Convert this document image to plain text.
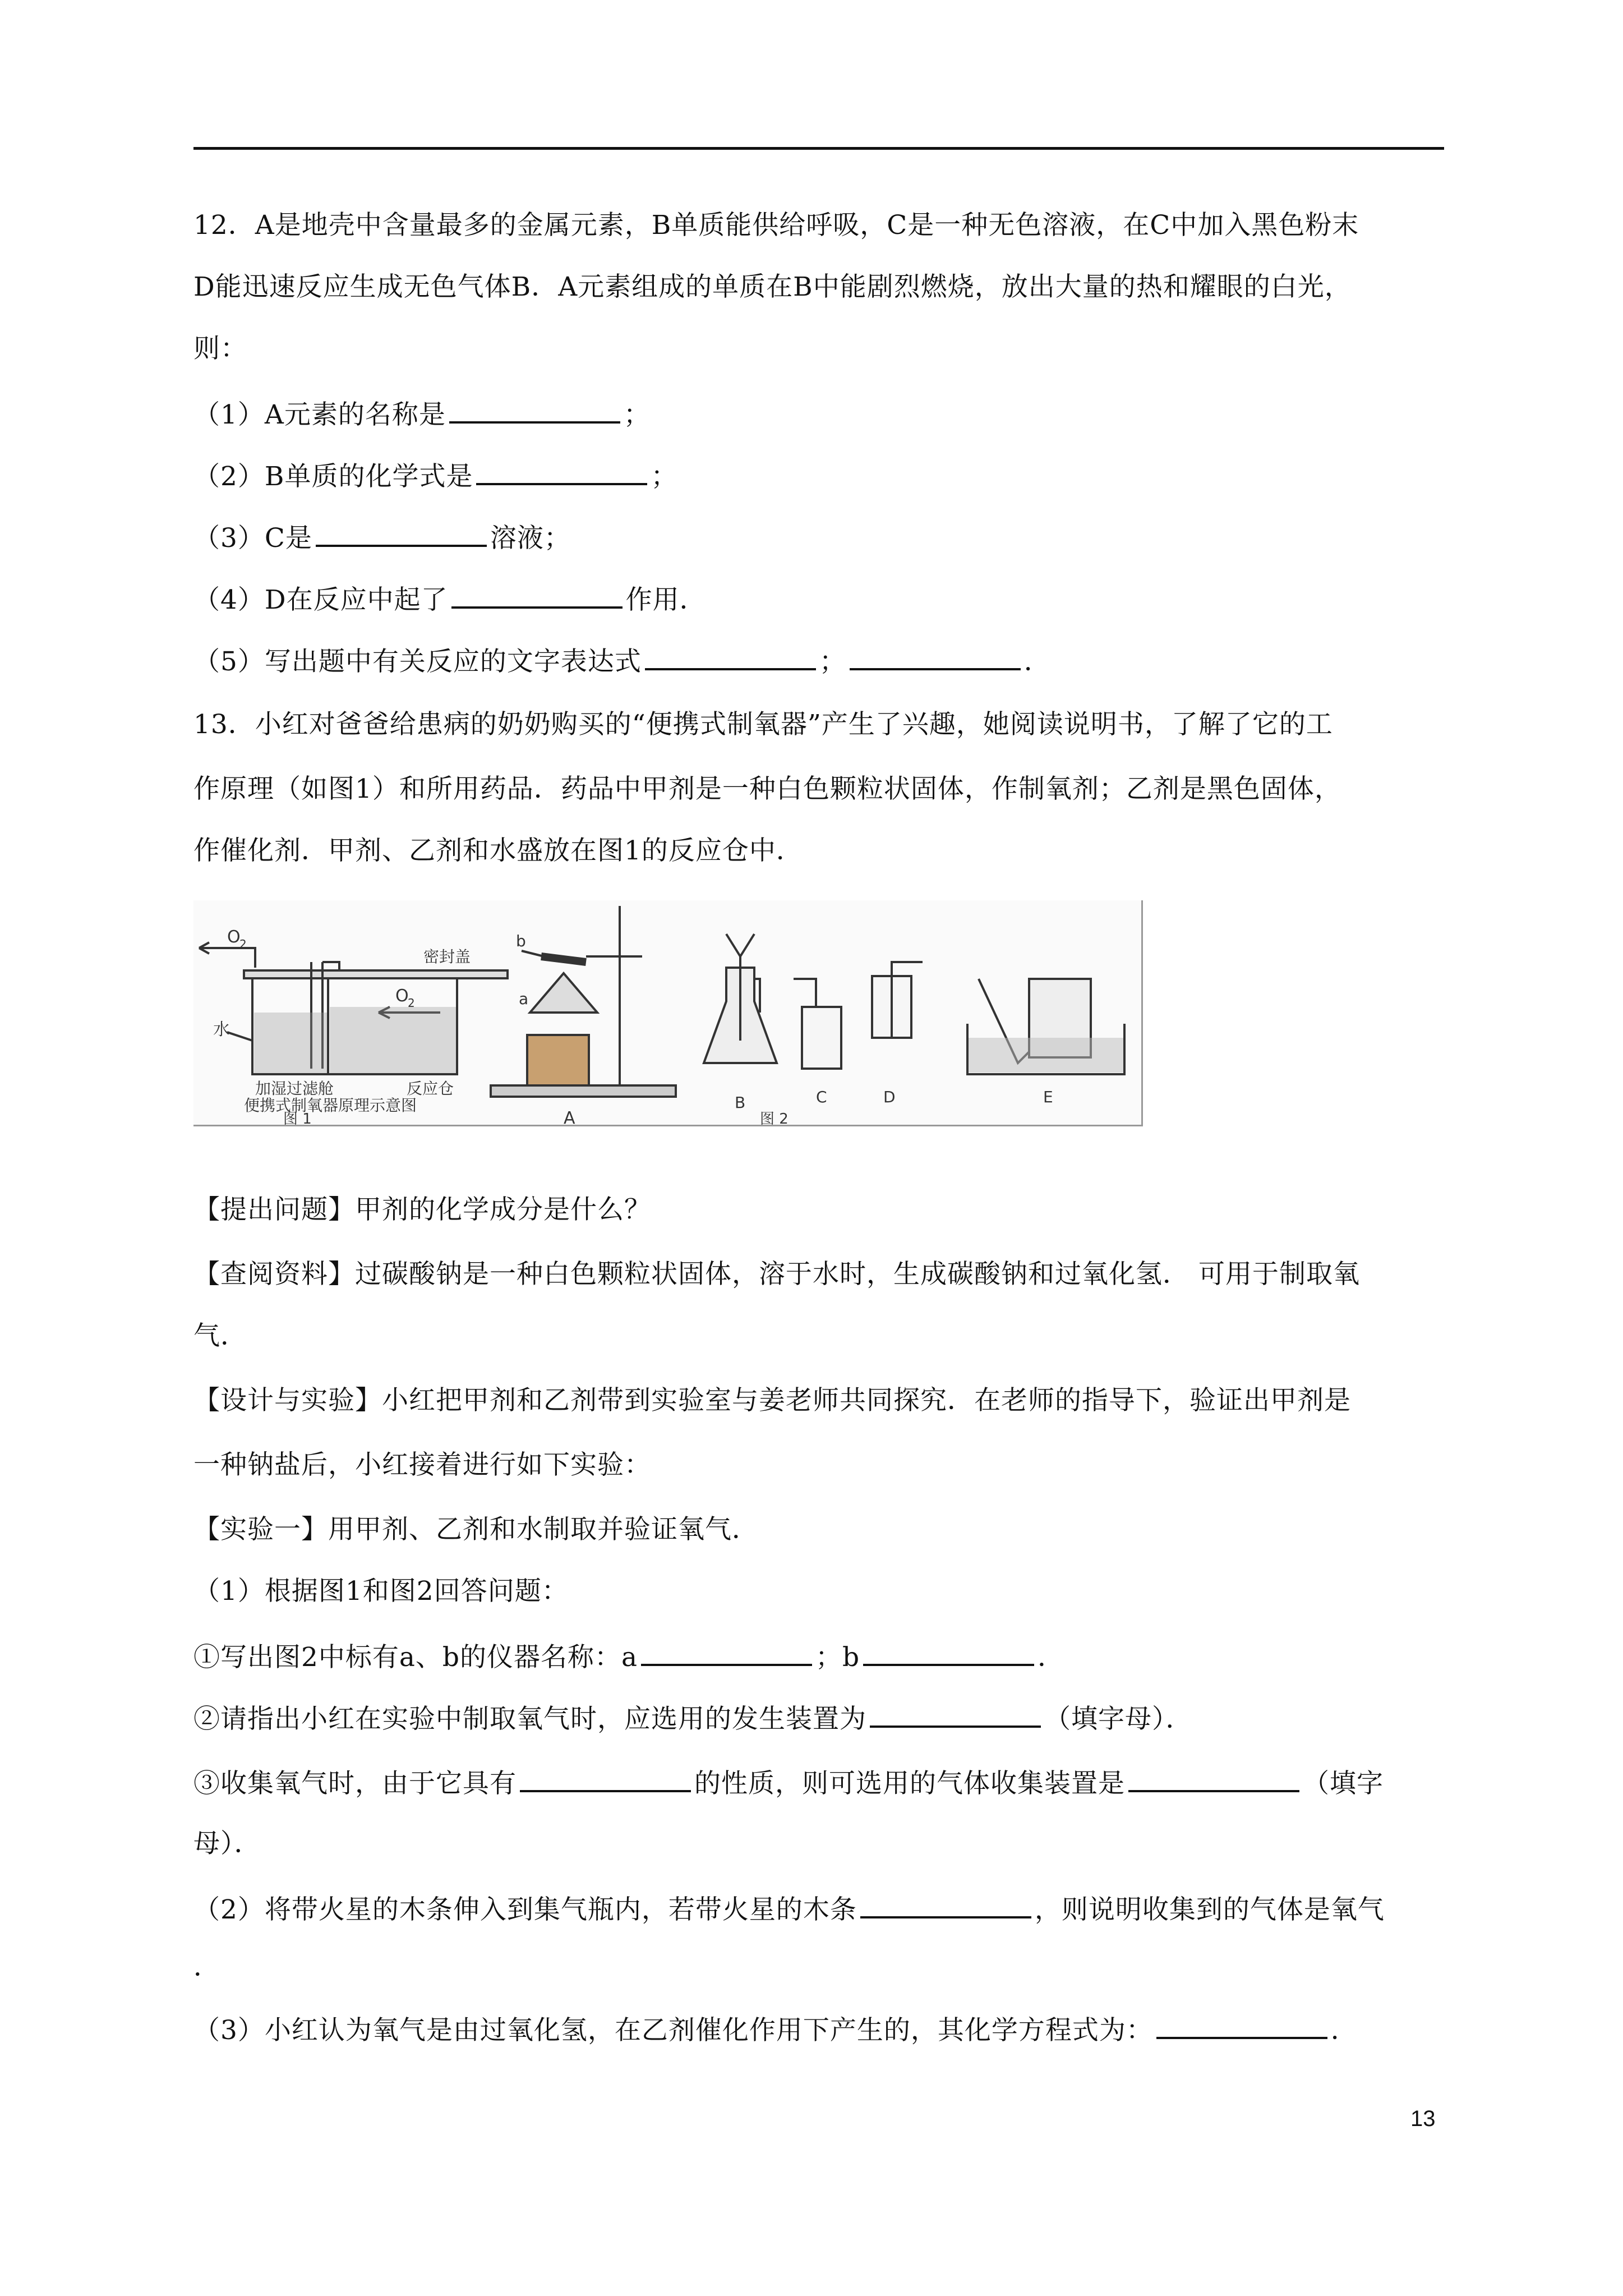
12．A是地壳中含量最多的金属元素，B单质能供给呼吸，C是一种无色溶液，在C中加入黑色粉末
D能迅速反应生成无色气体B．A元素组成的单质在B中能剧烈燃烧，放出大量的热和耀眼的白光，
则：
（1）A元素的名称是	；
（2）B单质的化学式是	；
（3）C是	溶液；
（4）D在反应中起了	作用．
（5）写出题中有关反应的文字表达式	；	．
13．小红对爸爸给患病的奶奶购买的“便携式制氧器”产生了兴趣，她阅读说明书，了解了它的工
作原理（如图1）和所用药品．药品中甲剂是一种白色颗粒状固体，作制氧剂；乙剂是黑色固体，
作催化剂．甲剂、乙剂和水盛放在图1的反应仓中．
O
2
密封盖
O
2
水
加湿过滤舱	反应仓
便携式制氧器原理示意图
图 1
b
a
A
B
图 2
C	D	E
【提出问题】甲剂的化学成分是什么？
【查阅资料】过碳酸钠是一种白色颗粒状固体，溶于水时，生成碳酸钠和过氧化氢． 可用于制取氧
气．
【设计与实验】小红把甲剂和乙剂带到实验室与姜老师共同探究．在老师的指导下，验证出甲剂是
一种钠盐后，小红接着进行如下实验：
【实验一】用甲剂、乙剂和水制取并验证氧气．
（1）根据图1和图2回答问题：
①写出图2中标有a、b的仪器名称：a	；b	．
②请指出小红在实验中制取氧气时，应选用的发生装置为	（填字母）．
③收集氧气时，由于它具有	的性质，则可选用的气体收集装置是	（填字
母）．
（2）将带火星的木条伸入到集气瓶内，若带火星的木条	，则说明收集到的气体是氧气
．
（3）小红认为氧气是由过氧化氢，在乙剂催化作用下产生的，其化学方程式为：	．
13
